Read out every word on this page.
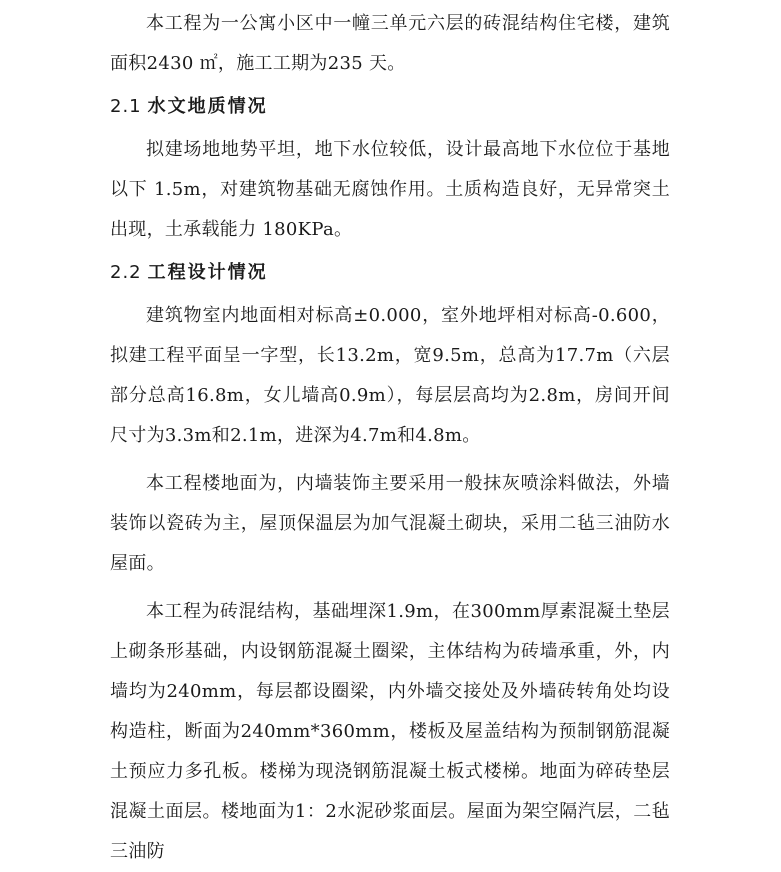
本工程为一公寓小区中一幢三单元六层的砖混结构住宅楼，建筑面积2430 ㎡，施工工期为235 天。

2.1 水文地质情况

拟建场地地势平坦，地下水位较低，设计最高地下水位位于基地以下 1.5m，对建筑物基础无腐蚀作用。土质构造良好，无异常突土出现，土承载能力 180KPa。

2.2 工程设计情况

建筑物室内地面相对标高±0.000，室外地坪相对标高-0.600，拟建工程平面呈一字型，长13.2m，宽9.5m，总高为17.7m（六层部分总高16.8m，女儿墙高0.9m），每层层高均为2.8m，房间开间尺寸为3.3m和2.1m，进深为4.7m和4.8m。

本工程楼地面为，内墙装饰主要采用一般抹灰喷涂料做法，外墙装饰以瓷砖为主，屋顶保温层为加气混凝土砌块，采用二毡三油防水屋面。

本工程为砖混结构，基础埋深1.9m，在300mm厚素混凝土垫层上砌条形基础，内设钢筋混凝土圈梁，主体结构为砖墙承重，外，内墙均为240mm，每层都设圈梁，内外墙交接处及外墙砖转角处均设构造柱，断面为240mm*360mm，楼板及屋盖结构为预制钢筋混凝土预应力多孔板。楼梯为现浇钢筋混凝土板式楼梯。地面为碎砖垫层混凝土面层。楼地面为1：2水泥砂浆面层。屋面为架空隔汽层，二毡三油防
